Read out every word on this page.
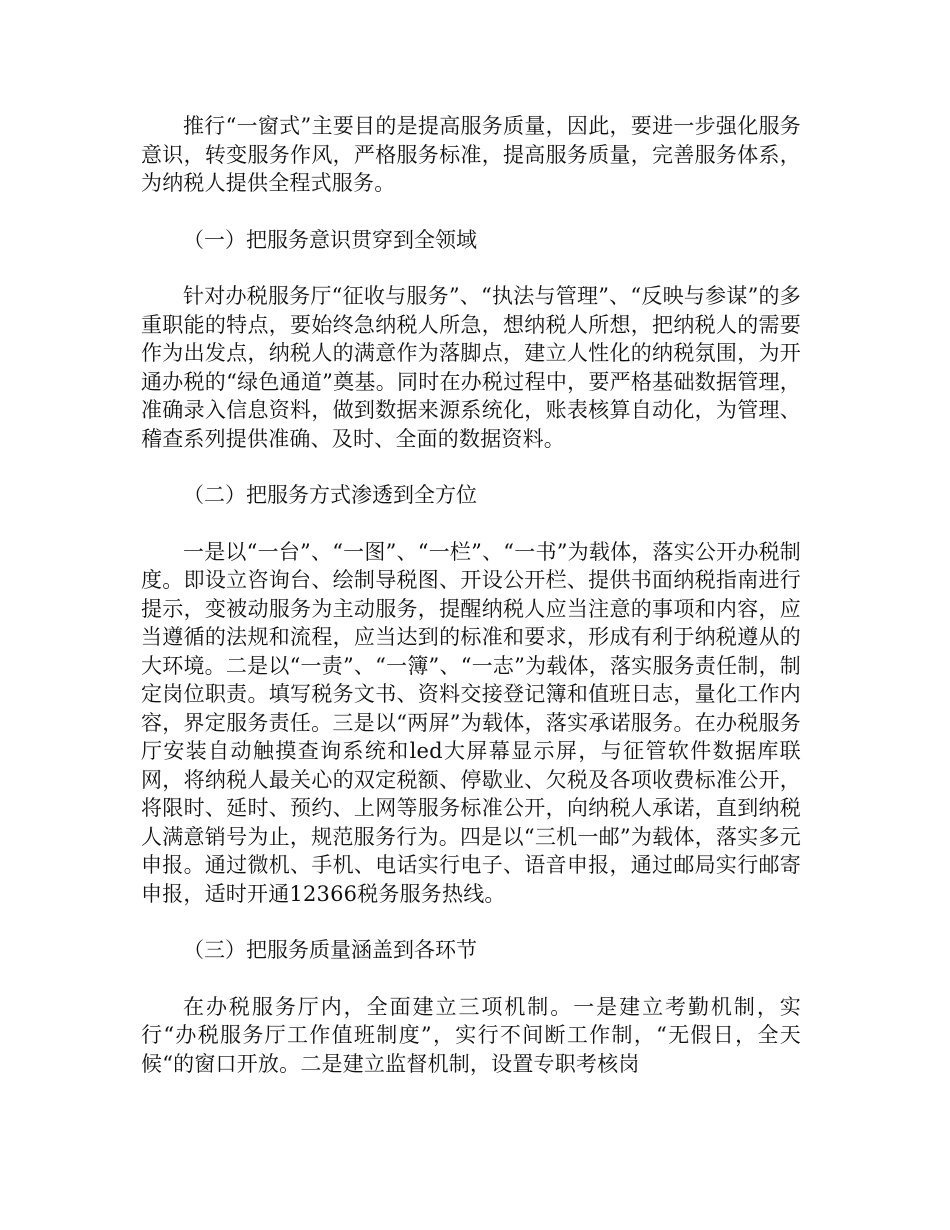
推行“一窗式”主要目的是提高服务质量，因此，要进一步强化服务意识，转变服务作风，严格服务标准，提高服务质量，完善服务体系，为纳税人提供全程式服务。

（一）把服务意识贯穿到全领域

针对办税服务厅“征收与服务”、“执法与管理”、“反映与参谋”的多重职能的特点，要始终急纳税人所急，想纳税人所想，把纳税人的需要作为出发点，纳税人的满意作为落脚点，建立人性化的纳税氛围，为开通办税的“绿色通道”奠基。同时在办税过程中，要严格基础数据管理，准确录入信息资料，做到数据来源系统化，账表核算自动化，为管理、稽查系列提供准确、及时、全面的数据资料。

（二）把服务方式渗透到全方位

一是以“一台”、“一图”、“一栏”、“一书”为载体，落实公开办税制度。即设立咨询台、绘制导税图、开设公开栏、提供书面纳税指南进行提示，变被动服务为主动服务，提醒纳税人应当注意的事项和内容，应当遵循的法规和流程，应当达到的标准和要求，形成有利于纳税遵从的大环境。二是以“一责”、“一簿”、“一志”为载体，落实服务责任制，制定岗位职责。填写税务文书、资料交接登记簿和值班日志，量化工作内容，界定服务责任。三是以“两屏”为载体，落实承诺服务。在办税服务厅安装自动触摸查询系统和led大屏幕显示屏，与征管软件数据库联网，将纳税人最关心的双定税额、停歇业、欠税及各项收费标准公开，将限时、延时、预约、上网等服务标准公开，向纳税人承诺，直到纳税人满意销号为止，规范服务行为。四是以“三机一邮”为载体，落实多元申报。通过微机、手机、电话实行电子、语音申报，通过邮局实行邮寄申报，适时开通12366税务服务热线。

（三）把服务质量涵盖到各环节

在办税服务厅内，全面建立三项机制。一是建立考勤机制，实行“办税服务厅工作值班制度”，实行不间断工作制，“无假日，全天候“的窗口开放。二是建立监督机制，设置专职考核岗
